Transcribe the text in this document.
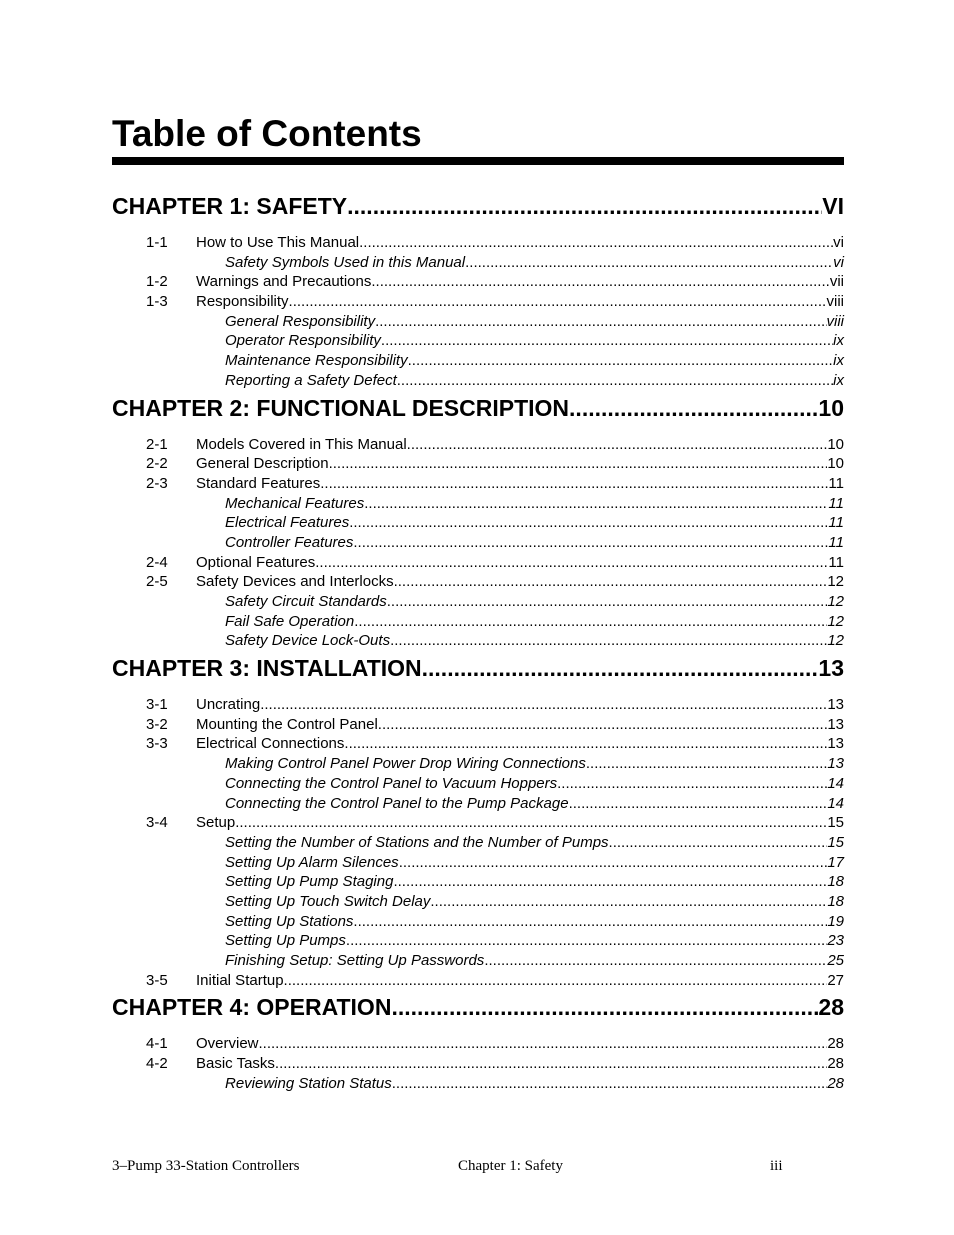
Table of Contents
CHAPTER 1: SAFETY .....	VI
1-1	How to Use This Manual .....	vi
Safety Symbols Used in this Manual .....	vi
1-2	Warnings and Precautions .....	vii
1-3	Responsibility .....	viii
General Responsibility .....	viii
Operator Responsibility .....	ix
Maintenance Responsibility .....	ix
Reporting a Safety Defect .....	ix
CHAPTER 2: FUNCTIONAL DESCRIPTION .....	10
2-1	Models Covered in This Manual .....	10
2-2	General Description .....	10
2-3	Standard Features .....	11
Mechanical Features .....	11
Electrical Features .....	11
Controller Features .....	11
2-4	Optional Features .....	11
2-5	Safety Devices and Interlocks .....	12
Safety Circuit Standards .....	12
Fail Safe Operation .....	12
Safety Device Lock-Outs .....	12
CHAPTER 3: INSTALLATION .....	13
3-1	Uncrating .....	13
3-2	Mounting the Control Panel .....	13
3-3	Electrical Connections .....	13
Making Control Panel Power Drop Wiring Connections .....	13
Connecting the Control Panel to Vacuum Hoppers .....	14
Connecting the Control Panel to the Pump Package .....	14
3-4	Setup .....	15
Setting the Number of Stations and the Number of Pumps .....	15
Setting Up Alarm Silences .....	17
Setting Up Pump Staging .....	18
Setting Up Touch Switch Delay .....	18
Setting Up Stations .....	19
Setting Up Pumps .....	23
Finishing Setup: Setting Up Passwords .....	25
3-5	Initial Startup .....	27
CHAPTER 4: OPERATION .....	28
4-1	Overview .....	28
4-2	Basic Tasks .....	28
Reviewing Station Status .....	28
3–Pump 33-Station Controllers	Chapter 1: Safety	iii
